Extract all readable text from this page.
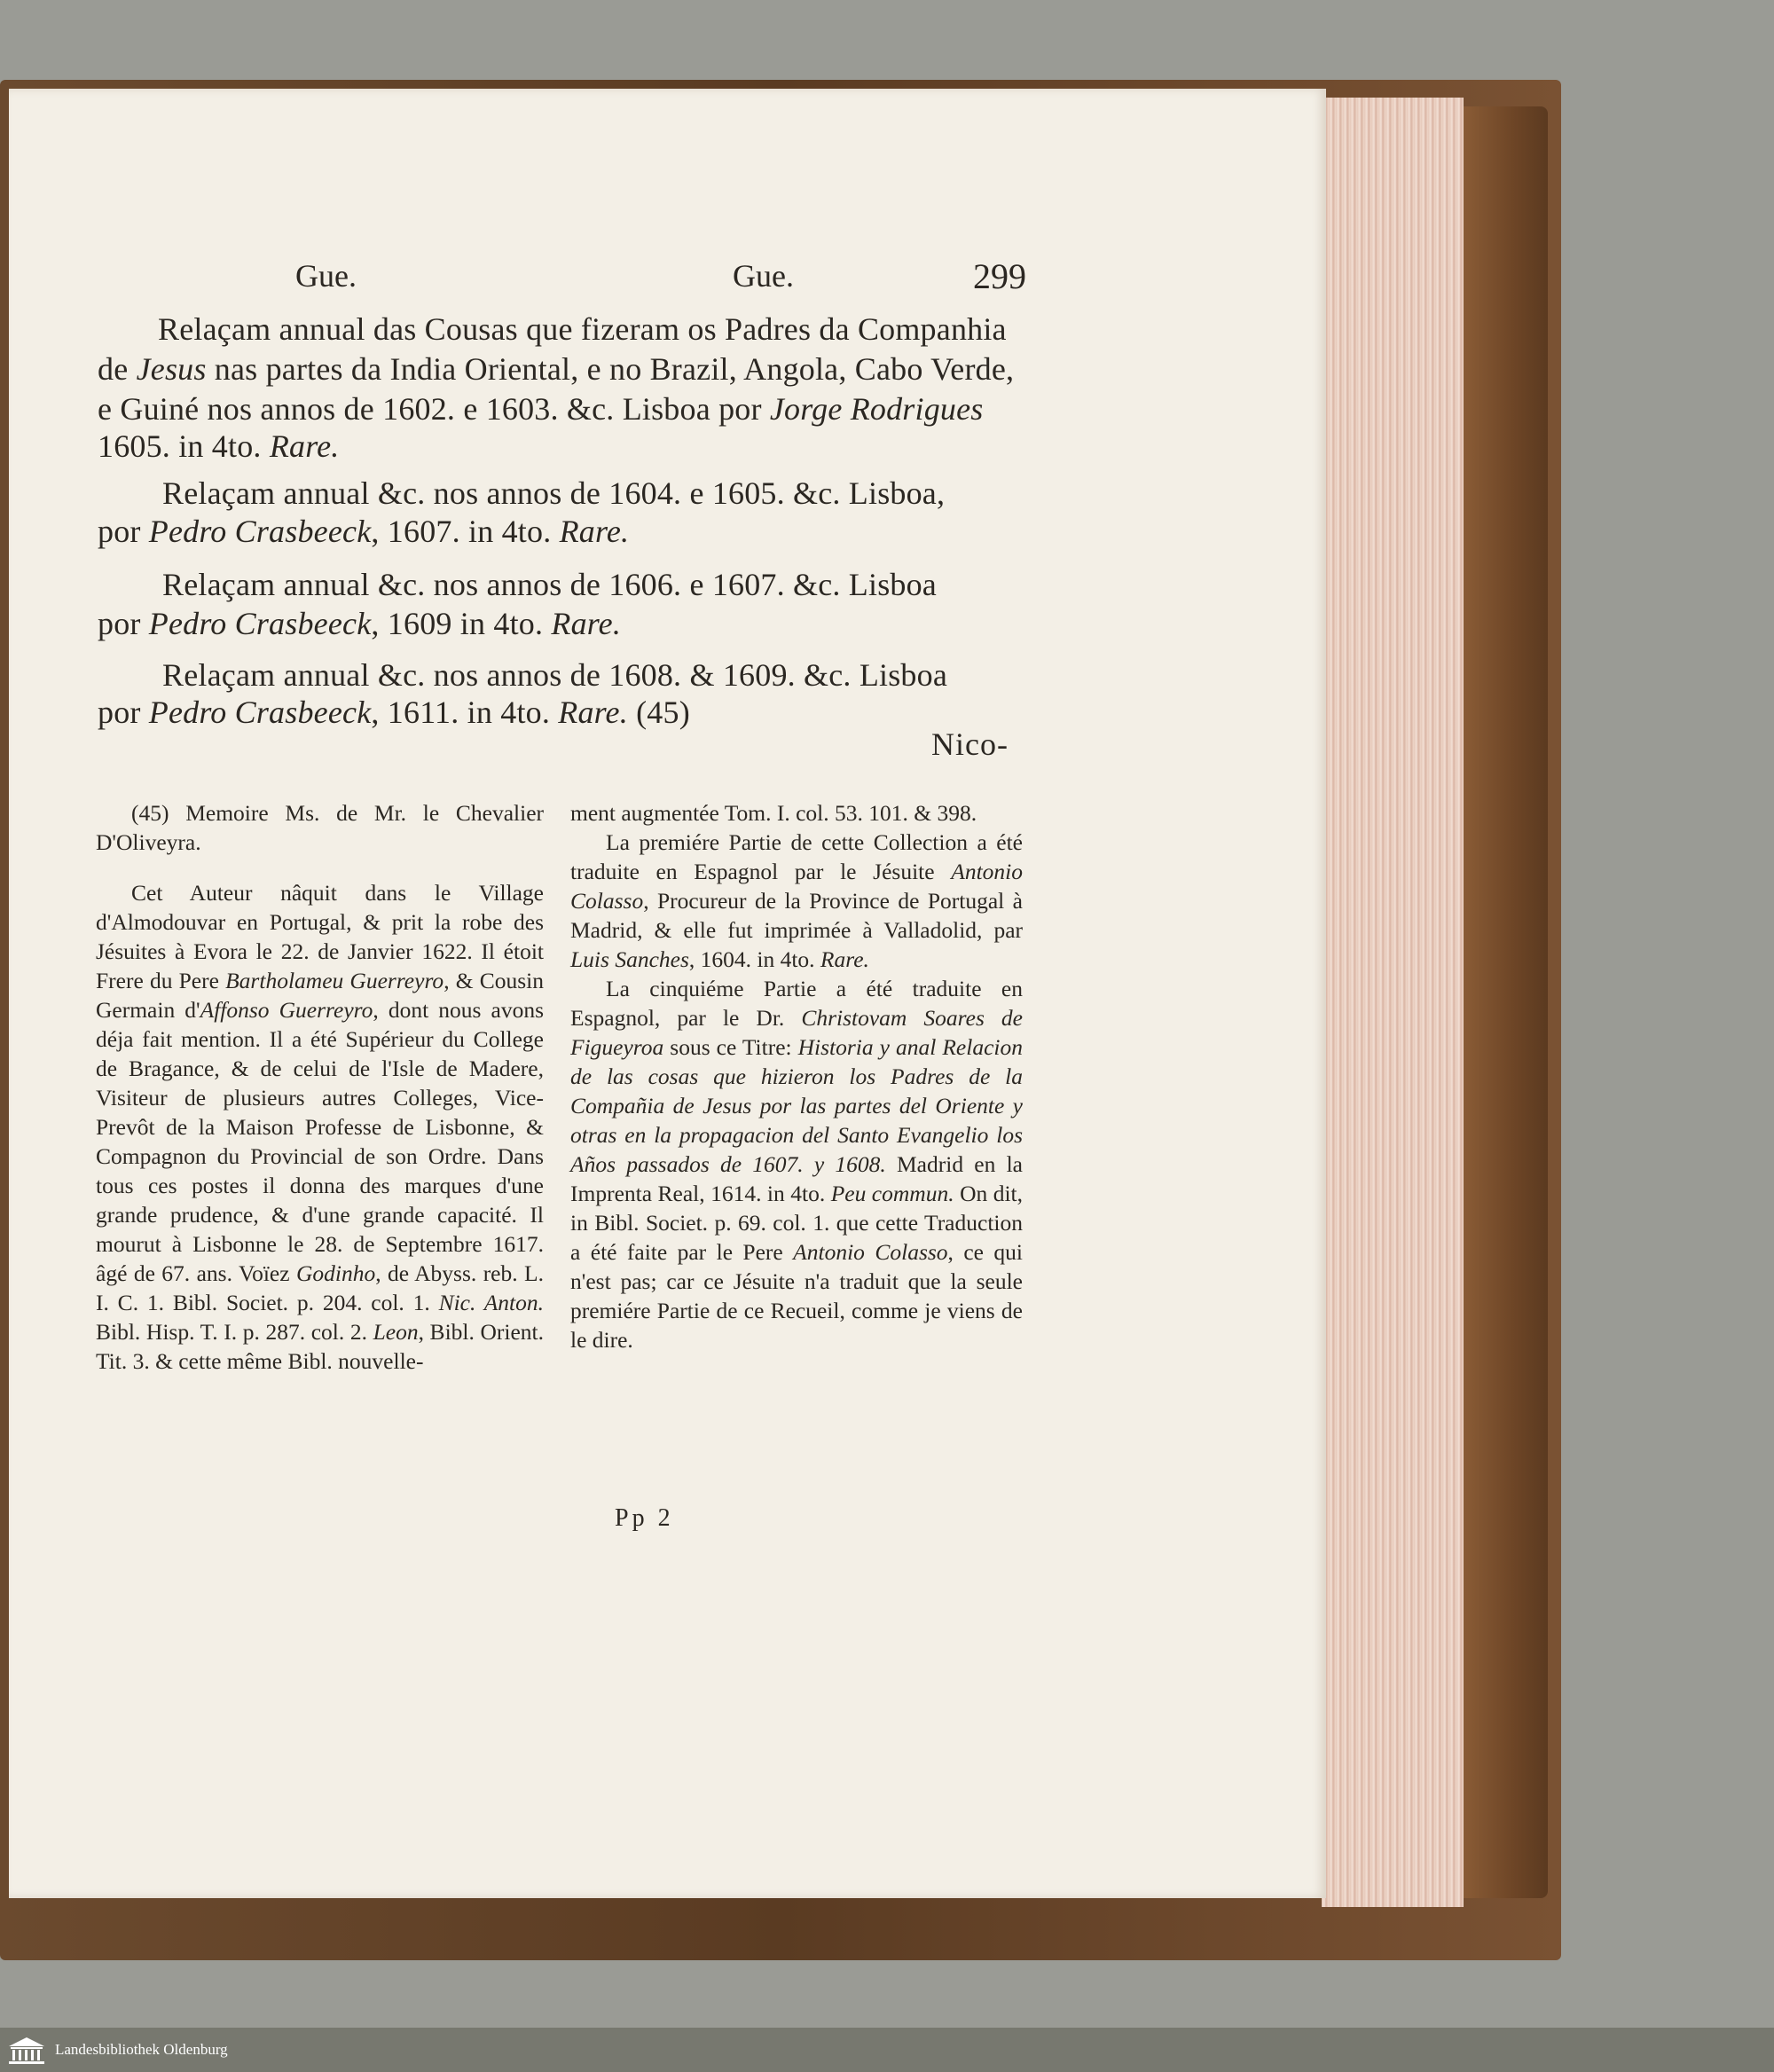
Gue.	Gue.	299
Relaçam annual das Cousas que fizeram os Padres da Companhia
de Jesus nas partes da India Oriental, e no Brazil, Angola, Cabo Verde,
e Guiné nos annos de 1602. e 1603. &c. Lisboa por Jorge Rodrigues
1605. in 4to. Rare.
Relaçam annual &c. nos annos de 1604. e 1605. &c. Lisboa,
por Pedro Crasbeeck, 1607. in 4to. Rare.
Relaçam annual &c. nos annos de 1606. e 1607. &c. Lisboa
por Pedro Crasbeeck, 1609 in 4to. Rare.
Relaçam annual &c. nos annos de 1608. & 1609. &c. Lisboa
por Pedro Crasbeeck, 1611. in 4to. Rare. (45)
Nico-

(45) Memoire Ms. de Mr. le Chevalier D'Oliveyra.

Cet Auteur nâquit dans le Village d'Almodouvar en Portugal, & prit la robe des Jésuites à Evora le 22. de Janvier 1622. Il étoit Frere du Pere Bartholameu Guerreyro, & Cousin Germain d'Affonso Guerreyro, dont nous avons déja fait mention. Il a été Supérieur du College de Bragance, & de celui de l'Isle de Madere, Visiteur de plusieurs autres Colleges, Vice-Prevôt de la Maison Professe de Lisbonne, & Compagnon du Provincial de son Ordre. Dans tous ces postes il donna des marques d'une grande prudence, & d'une grande capacité. Il mourut à Lisbonne le 28. de Septembre 1617. âgé de 67. ans. Voïez Godinho, de Abyss. reb. L. I. C. 1. Bibl. Societ. p. 204. col. 1. Nic. Anton. Bibl. Hisp. T. I. p. 287. col. 2. Leon, Bibl. Orient. Tit. 3. & cette même Bibl. nouvelle-

ment augmentée Tom. I. col. 53. 101. & 398.

La premiére Partie de cette Collection a été traduite en Espagnol par le Jésuite Antonio Colasso, Procureur de la Province de Portugal à Madrid, & elle fut imprimée à Valladolid, par Luis Sanches, 1604. in 4to. Rare.

La cinquiéme Partie a été traduite en Espagnol, par le Dr. Christovam Soares de Figueyroa sous ce Titre: Historia y anal Relacion de las cosas que hizieron los Padres de la Compañia de Jesus por las partes del Oriente y otras en la propagacion del Santo Evangelio los Años passados de 1607. y 1608. Madrid en la Imprenta Real, 1614. in 4to. Peu commun. On dit, in Bibl. Societ. p. 69. col. 1. que cette Traduction a été faite par le Pere Antonio Colasso, ce qui n'est pas; car ce Jésuite n'a traduit que la seule premiére Partie de ce Recueil, comme je viens de le dire.

Pp 2
Landesbibliothek Oldenburg
